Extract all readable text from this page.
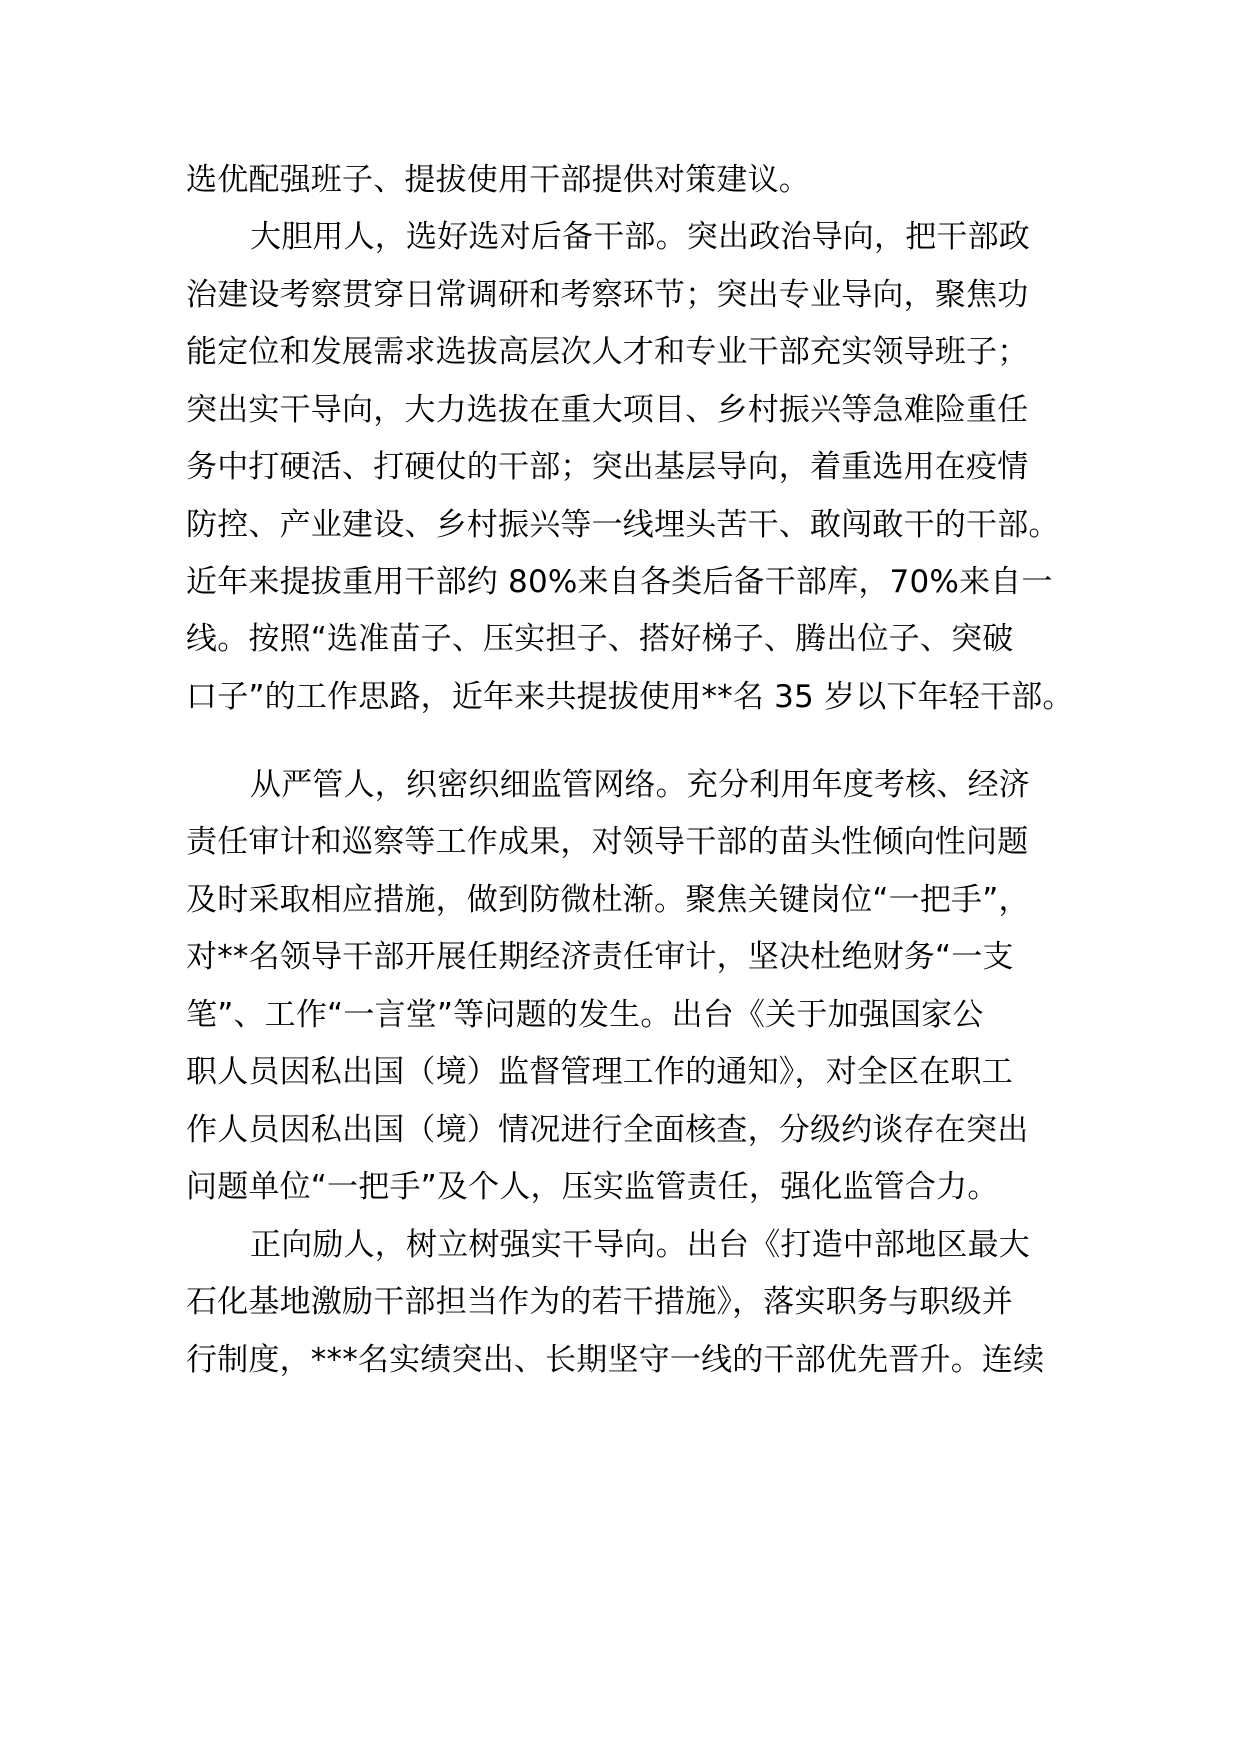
选优配强班子、提拔使用干部提供对策建议。

大胆用人，选好选对后备干部。突出政治导向，把干部政

治建设考察贯穿日常调研和考察环节；突出专业导向，聚焦功

能定位和发展需求选拔高层次人才和专业干部充实领导班子；

突出实干导向，大力选拔在重大项目、乡村振兴等急难险重任

务中打硬活、打硬仗的干部；突出基层导向，着重选用在疫情

防控、产业建设、乡村振兴等一线埋头苦干、敢闯敢干的干部。

近年来提拔重用干部约 80%来自各类后备干部库，70%来自一

线。按照“选准苗子、压实担子、搭好梯子、腾出位子、突破

口子”的工作思路，近年来共提拔使用**名 35 岁以下年轻干部。

从严管人，织密织细监管网络。充分利用年度考核、经济

责任审计和巡察等工作成果，对领导干部的苗头性倾向性问题

及时采取相应措施，做到防微杜渐。聚焦关键岗位“一把手”，

对**名领导干部开展任期经济责任审计，坚决杜绝财务“一支

笔”、工作“一言堂”等问题的发生。出台《关于加强国家公

职人员因私出国（境）监督管理工作的通知》，对全区在职工

作人员因私出国（境）情况进行全面核查，分级约谈存在突出

问题单位“一把手”及个人，压实监管责任，强化监管合力。

正向励人，树立树强实干导向。出台《打造中部地区最大

石化基地激励干部担当作为的若干措施》，落实职务与职级并

行制度，***名实绩突出、长期坚守一线的干部优先晋升。连续
